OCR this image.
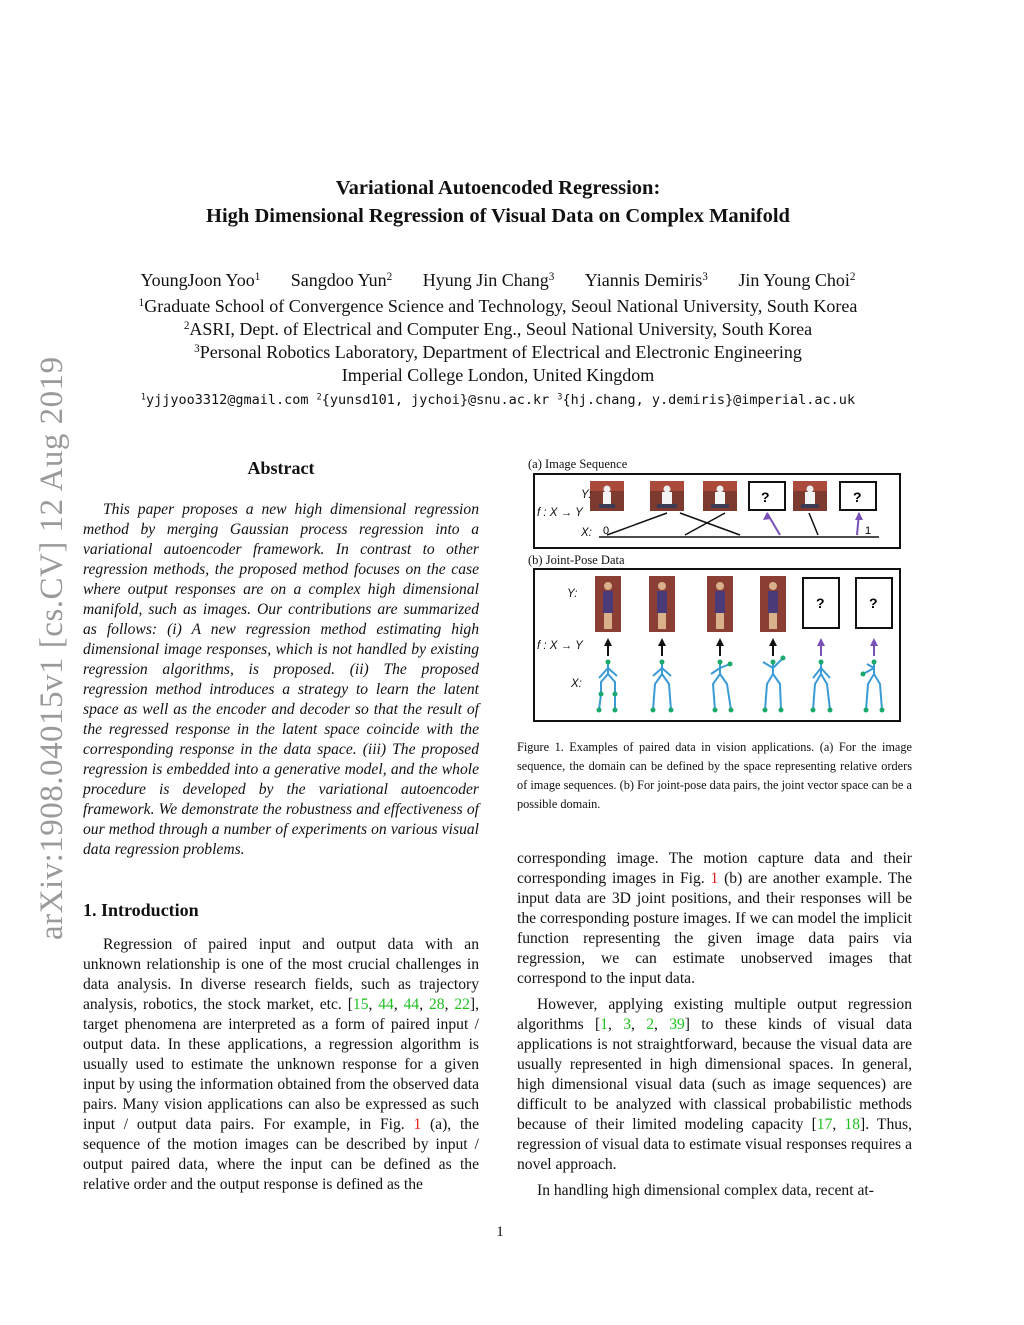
arXiv:1908.04015v1 [cs.CV] 12 Aug 2019
Variational Autoencoded Regression:
High Dimensional Regression of Visual Data on Complex Manifold
YoungJoon Yoo$^1$ Sangdoo Yun$^2$ Hyung Jin Chang$^3$ Yiannis Demiris$^3$ Jin Young Choi$^2$
$^1$Graduate School of Convergence Science and Technology, Seoul National University, South Korea
$^2$ASRI, Dept. of Electrical and Computer Eng., Seoul National University, South Korea
$^3$Personal Robotics Laboratory, Department of Electrical and Electronic Engineering
Imperial College London, United Kingdom
$^1$yjjyoo3312@gmail.com $^2${yunsd101, jychoi}@snu.ac.kr $^3${hj.chang, y.demiris}@imperial.ac.uk
Abstract

This paper proposes a new high dimensional regression method by merging Gaussian process regression into a variational autoencoder framework. In contrast to other regression methods, the proposed method focuses on the case where output responses are on a complex high dimensional manifold, such as images. Our contributions are summarized as follows: (i) A new regression method estimating high dimensional image responses, which is not handled by existing regression algorithms, is proposed. (ii) The proposed regression method introduces a strategy to learn the latent space as well as the encoder and decoder so that the result of the regressed response in the latent space coincide with the corresponding response in the data space. (iii) The proposed regression is embedded into a generative model, and the whole procedure is developed by the variational autoencoder framework. We demonstrate the robustness and effectiveness of our method through a number of experiments on various visual data regression problems.

1. Introduction

Regression of paired input and output data with an unknown relationship is one of the most crucial challenges in data analysis. In diverse research fields, such as trajectory analysis, robotics, the stock market, etc. [15, 44, 44, 28, 22], target phenomena are interpreted as a form of paired input / output data. In these applications, a regression algorithm is usually used to estimate the unknown response for a given input by using the information obtained from the observed data pairs. Many vision applications can also be expressed as such input / output data pairs. For example, in Fig. 1 (a), the sequence of the motion images can be described by input / output paired data, where the input can be defined as the relative order and the output response is defined as the

(a) Image Sequence
?	?
0	1
Y:
f : X → Y
X:
(b) Joint-Pose Data
?	?
Y:
f : X → Y
X:
Figure 1. Examples of paired data in vision applications. (a) For the image sequence, the domain can be defined by the space representing relative orders of image sequences. (b) For joint-pose data pairs, the joint vector space can be a possible domain.

corresponding image. The motion capture data and their corresponding images in Fig. 1 (b) are another example. The input data are 3D joint positions, and their responses will be the corresponding posture images. If we can model the implicit function representing the given image data pairs via regression, we can estimate unobserved images that correspond to the input data.

However, applying existing multiple output regression algorithms [1, 3, 2, 39] to these kinds of visual data applications is not straightforward, because the visual data are usually represented in high dimensional spaces. In general, high dimensional visual data (such as image sequences) are difficult to be analyzed with classical probabilistic methods because of their limited modeling capacity [17, 18]. Thus, regression of visual data to estimate visual responses requires a novel approach.

In handling high dimensional complex data, recent at-

1
